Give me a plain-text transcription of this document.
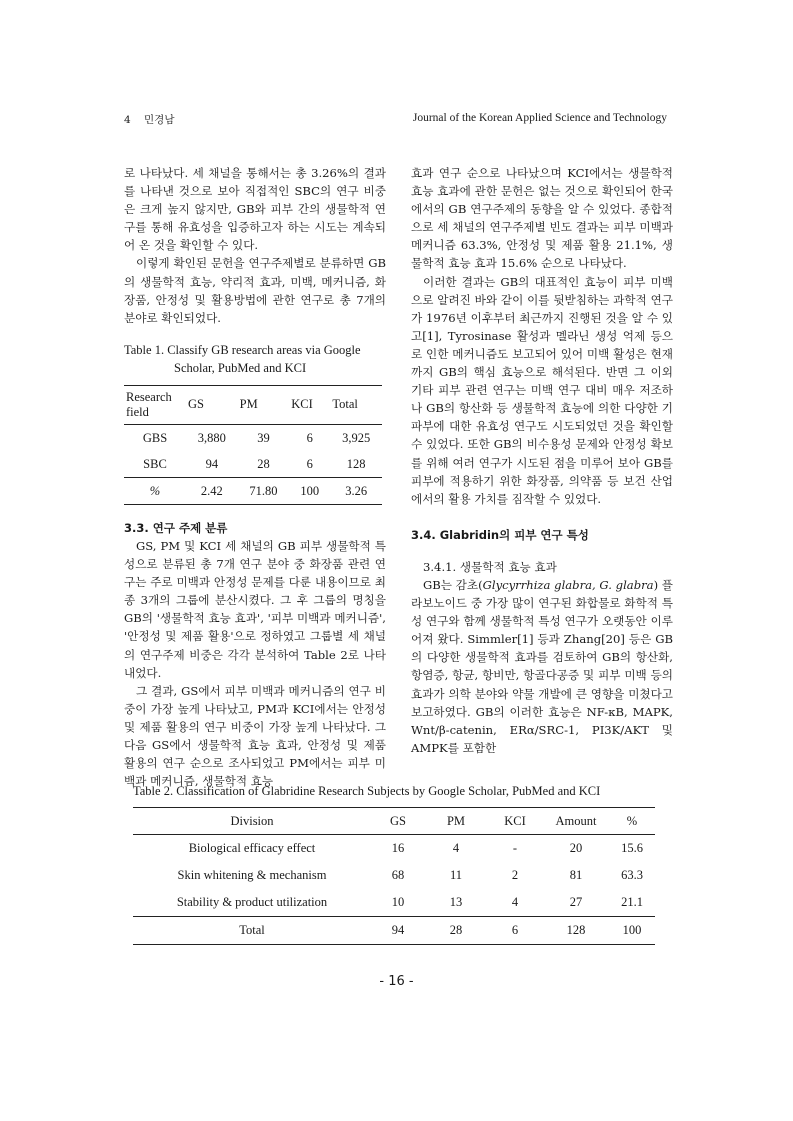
4 민경남	Journal of the Korean Applied Science and Technology

로 나타났다. 세 채널을 통해서는 총 3.26%의 결과를 나타낸 것으로 보아 직접적인 SBC의 연구 비중은 크게 높지 않지만, GB와 피부 간의 생물학적 연구를 통해 유효성을 입증하고자 하는 시도는 계속되어 온 것을 확인할 수 있다.

이렇게 확인된 문헌을 연구주제별로 분류하면 GB의 생물학적 효능, 약리적 효과, 미백, 메커니즘, 화장품, 안정성 및 활용방법에 관한 연구로 총 7개의 분야로 확인되었다.

Table 1. Classify GB research areas via Google
Scholar, PubMed and KCI
Research field	GS	PM	KCI	Total
GBS	3,880	39	6	3,925
SBC	94	28	6	128
%	2.42	71.80	100	3.26

3.3. 연구 주제 분류

GS, PM 및 KCI 세 채널의 GB 피부 생물학적 특성으로 분류된 총 7개 연구 분야 중 화장품 관련 연구는 주로 미백과 안정성 문제를 다룬 내용이므로 최종 3개의 그룹에 분산시켰다. 그 후 그룹의 명칭을 GB의 '생물학적 효능 효과', '피부 미백과 메커니즘', '안정성 및 제품 활용'으로 정하였고 그룹별 세 채널의 연구주제 비중은 각각 분석하여 Table 2로 나타내었다.

그 결과, GS에서 피부 미백과 메커니즘의 연구 비중이 가장 높게 나타났고, PM과 KCI에서는 안정성 및 제품 활용의 연구 비중이 가장 높게 나타났다. 그다음 GS에서 생물학적 효능 효과, 안정성 및 제품 활용의 연구 순으로 조사되었고 PM에서는 피부 미백과 메커니즘, 생물학적 효능

효과 연구 순으로 나타났으며 KCI에서는 생물학적 효능 효과에 관한 문헌은 없는 것으로 확인되어 한국에서의 GB 연구주제의 동향을 알 수 있었다. 종합적으로 세 채널의 연구주제별 빈도 결과는 피부 미백과 메커니즘 63.3%, 안정성 및 제품 활용 21.1%, 생물학적 효능 효과 15.6% 순으로 나타났다.

이러한 결과는 GB의 대표적인 효능이 피부 미백으로 알려진 바와 같이 이를 뒷받침하는 과학적 연구가 1976년 이후부터 최근까지 진행된 것을 알 수 있고[1], Tyrosinase 활성과 멜라닌 생성 억제 등으로 인한 메커니즘도 보고되어 있어 미백 활성은 현재까지 GB의 핵심 효능으로 해석된다. 반면 그 이외 기타 피부 관련 연구는 미백 연구 대비 매우 저조하나 GB의 항산화 등 생물학적 효능에 의한 다양한 기파부에 대한 유효성 연구도 시도되었던 것을 확인할 수 있었다. 또한 GB의 비수용성 문제와 안정성 확보를 위해 여러 연구가 시도된 점을 미루어 보아 GB를 피부에 적용하기 위한 화장품, 의약품 등 보건 산업에서의 활용 가치를 짐작할 수 있었다.

3.4. Glabridin의 피부 연구 특성

3.4.1. 생물학적 효능 효과

GB는 감초(Glycyrrhiza glabra, G. glabra) 플라보노이드 중 가장 많이 연구된 화합물로 화학적 특성 연구와 함께 생물학적 특성 연구가 오랫동안 이루어져 왔다. Simmler[1] 등과 Zhang[20] 등은 GB의 다양한 생물학적 효과를 검토하여 GB의 항산화, 항염증, 항균, 항비만, 항골다공증 및 피부 미백 등의 효과가 의학 분야와 약물 개발에 큰 영향을 미쳤다고 보고하였다. GB의 이러한 효능은 NF-κB, MAPK, Wnt/β-catenin, ERα/SRC-1, PI3K/AKT 및 AMPK를 포함한

Table 2. Classification of Glabridine Research Subjects by Google Scholar, PubMed and KCI
Division	GS	PM	KCI	Amount	%
Biological efficacy effect	16	4	-	20	15.6
Skin whitening & mechanism	68	11	2	81	63.3
Stability & product utilization	10	13	4	27	21.1
Total	94	28	6	128	100
- 16 -
